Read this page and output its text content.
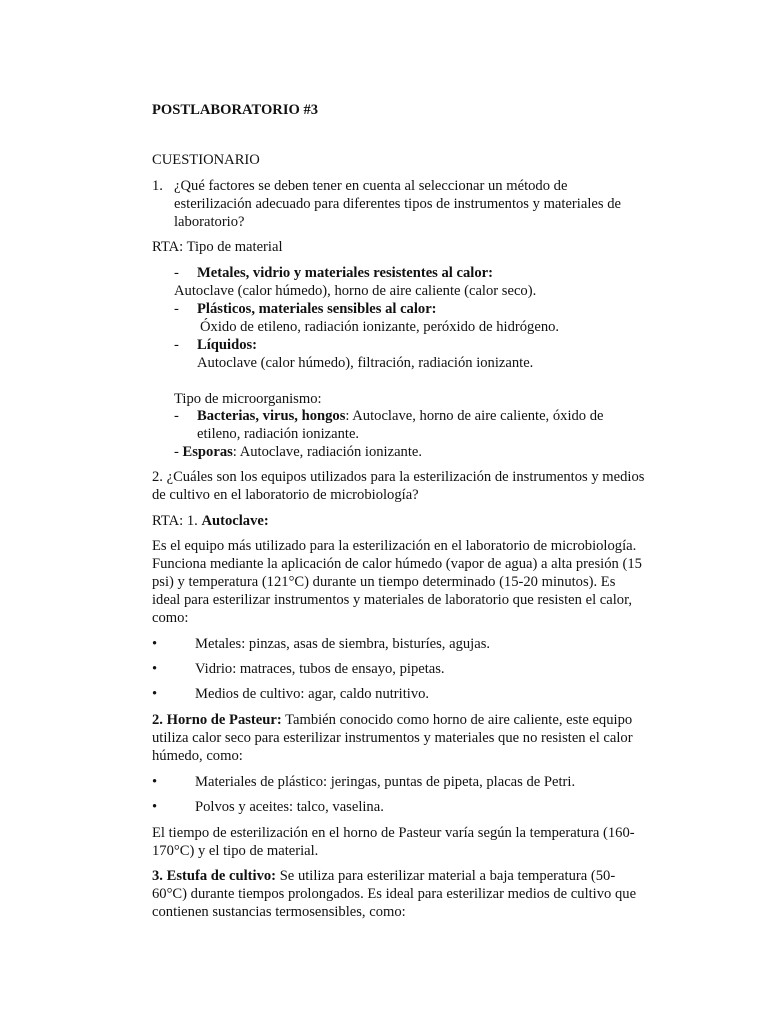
POSTLABORATORIO #3

CUESTIONARIO

1. ¿Qué factores se deben tener en cuenta al seleccionar un método de

esterilización adecuado para diferentes tipos de instrumentos y materiales de

laboratorio?

RTA: Tipo de material

- Metales, vidrio y materiales resistentes al calor:

Autoclave (calor húmedo), horno de aire caliente (calor seco).

- Plásticos, materiales sensibles al calor:

Óxido de etileno, radiación ionizante, peróxido de hidrógeno.

- Líquidos:

Autoclave (calor húmedo), filtración, radiación ionizante.

Tipo de microorganismo:

- Bacterias, virus, hongos: Autoclave, horno de aire caliente, óxido de

etileno, radiación ionizante.

- Esporas: Autoclave, radiación ionizante.

2. ¿Cuáles son los equipos utilizados para la esterilización de instrumentos y medios

de cultivo en el laboratorio de microbiología?

RTA: 1. Autoclave:

Es el equipo más utilizado para la esterilización en el laboratorio de microbiología.

Funciona mediante la aplicación de calor húmedo (vapor de agua) a alta presión (15

psi) y temperatura (121°C) durante un tiempo determinado (15-20 minutos). Es

ideal para esterilizar instrumentos y materiales de laboratorio que resisten el calor,

como:

•	Metales: pinzas, asas de siembra, bisturíes, agujas.

•	Vidrio: matraces, tubos de ensayo, pipetas.

•	Medios de cultivo: agar, caldo nutritivo.

2. Horno de Pasteur: También conocido como horno de aire caliente, este equipo

utiliza calor seco para esterilizar instrumentos y materiales que no resisten el calor

húmedo, como:

•	Materiales de plástico: jeringas, puntas de pipeta, placas de Petri.

•	Polvos y aceites: talco, vaselina.

El tiempo de esterilización en el horno de Pasteur varía según la temperatura (160-

170°C) y el tipo de material.

3. Estufa de cultivo: Se utiliza para esterilizar material a baja temperatura (50-

60°C) durante tiempos prolongados. Es ideal para esterilizar medios de cultivo que

contienen sustancias termosensibles, como:
